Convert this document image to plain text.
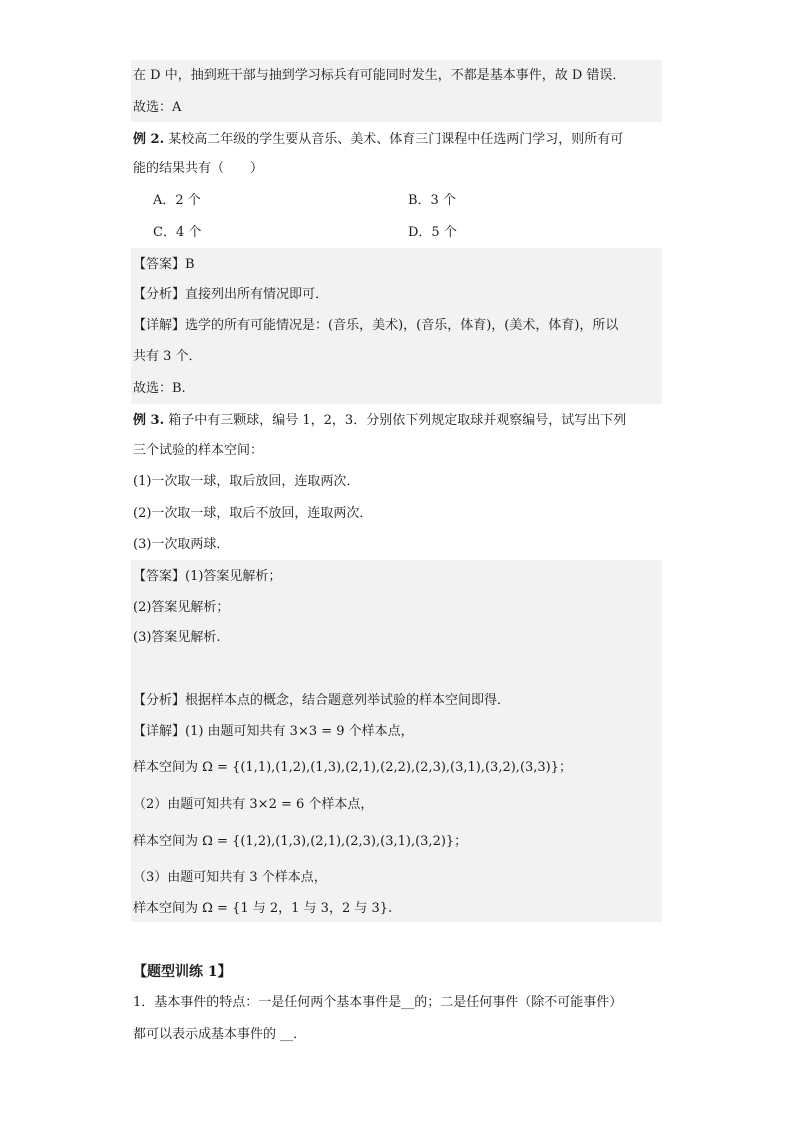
在 D 中，抽到班干部与抽到学习标兵有可能同时发生，不都是基本事件，故 D 错误．
故选：A
例 2. 某校高二年级的学生要从音乐、美术、体育三门课程中任选两门学习，则所有可
能的结果共有（　　）
A．2 个	B．3 个
C．4 个	D．5 个
【答案】B
【分析】直接列出所有情况即可．
【详解】选学的所有可能情况是：(音乐，美术)，(音乐，体育)，(美术，体育)，所以
共有 3 个．
故选：B.
例 3. 箱子中有三颗球，编号 1，2，3．分别依下列规定取球并观察编号，试写出下列
三个试验的样本空间：
(1)一次取一球，取后放回，连取两次．
(2)一次取一球，取后不放回，连取两次．
(3)一次取两球．
【答案】(1)答案见解析；
(2)答案见解析；
(3)答案见解析.
【分析】根据样本点的概念，结合题意列举试验的样本空间即得．
【详解】(1) 由题可知共有 3×3 = 9 个样本点，
样本空间为 Ω = {(1,1),(1,2),(1,3),(2,1),(2,2),(2,3),(3,1),(3,2),(3,3)}；
（2）由题可知共有 3×2 = 6 个样本点，
样本空间为 Ω = {(1,2),(1,3),(2,1),(2,3),(3,1),(3,2)}；
（3）由题可知共有 3 个样本点，
样本空间为 Ω = {1 与 2，1 与 3，2 与 3}.
【题型训练 1】
1．基本事件的特点：一是任何两个基本事件是__的；二是任何事件（除不可能事件）
都可以表示成基本事件的 __．
